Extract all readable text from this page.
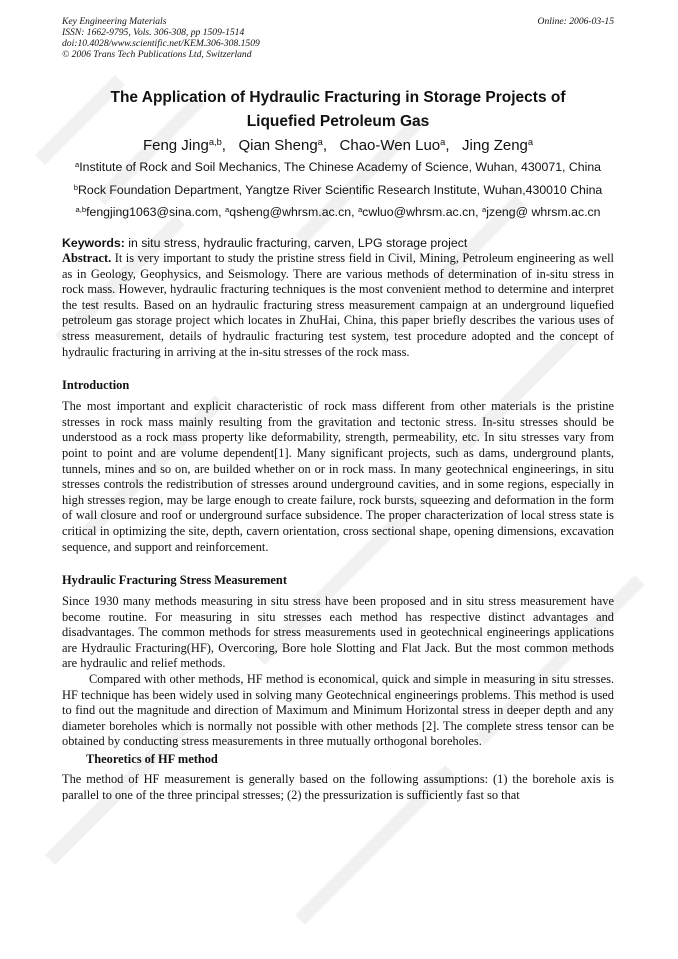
Key Engineering Materials
ISSN: 1662-9795, Vols. 306-308, pp 1509-1514
doi:10.4028/www.scientific.net/KEM.306-308.1509
© 2006 Trans Tech Publications Ltd, Switzerland
Online: 2006-03-15
The Application of Hydraulic Fracturing in Storage Projects of
Liquefied Petroleum Gas
Feng Jing$^{a,b}$,   Qian Sheng$^a$,   Chao-Wen Luo$^a$,   Jing Zeng$^a$
$^a$Institute of Rock and Soil Mechanics, The Chinese Academy of Science, Wuhan, 430071, China
$^b$Rock Foundation Department, Yangtze River Scientific Research Institute, Wuhan,430010 China
$^{a,b}$fengjing1063@sina.com, $^a$qsheng@whrsm.ac.cn, $^a$cwluo@whrsm.ac.cn, $^a$jzeng@ whrsm.ac.cn
Keywords: in situ stress, hydraulic fracturing, carven, LPG storage project

Abstract. It is very important to study the pristine stress field in Civil, Mining, Petroleum engineering as well as in Geology, Geophysics, and Seismology. There are various methods of determination of in-situ stress in rock mass. However, hydraulic fracturing techniques is the most convenient method to determine and interpret the test results. Based on an hydraulic fracturing stress measurement campaign at an underground liquefied petroleum gas storage project which locates in ZhuHai, China, this paper briefly describes the various uses of stress measurement, details of hydraulic fracturing test system, test procedure adopted and the concept of hydraulic fracturing in arriving at the in-situ stresses of the rock mass.

Introduction

The most important and explicit characteristic of rock mass different from other materials is the pristine stresses in rock mass mainly resulting from the gravitation and tectonic stress. In-situ stresses should be understood as a rock mass property like deformability, strength, permeability, etc. In situ stresses vary from point to point and are volume dependent[1]. Many significant projects, such as dams, underground plants, tunnels, mines and so on, are builded whether on or in rock mass. In many geotechnical engineerings, in situ stresses controls the redistribution of stresses around underground cavities, and in some regions, especially in high stresses region, may be large enough to create failure, rock bursts, squeezing and deformation in the form of wall closure and roof or underground surface subsidence. The proper characterization of local stress state is critical in optimizing the site, depth, cavern orientation, cross sectional shape, opening dimensions, excavation sequence, and support and reinforcement.

Hydraulic Fracturing Stress Measurement

Since 1930 many methods measuring in situ stress have been proposed and in situ stress measurement have become routine. For measuring in situ stresses each method has respective distinct advantages and disadvantages. The common methods for stress measurements used in geotechnical engineerings applications are Hydraulic Fracturing(HF), Overcoring, Bore hole Slotting and Flat Jack. But the most common methods are hydraulic and relief methods.

Compared with other methods, HF method is economical, quick and simple in measuring in situ stresses. HF technique has been widely used in solving many Geotechnical engineerings problems. This method is used to find out the magnitude and direction of Maximum and Minimum Horizontal stress in deeper depth and any diameter boreholes which is normally not possible with other methods [2]. The complete stress tensor can be obtained by conducting stress measurements in three mutually orthogonal boreholes.

Theoretics of HF method

The method of HF measurement is generally based on the following assumptions: (1) the borehole axis is parallel to one of the three principal stresses; (2) the pressurization is sufficiently fast so that
